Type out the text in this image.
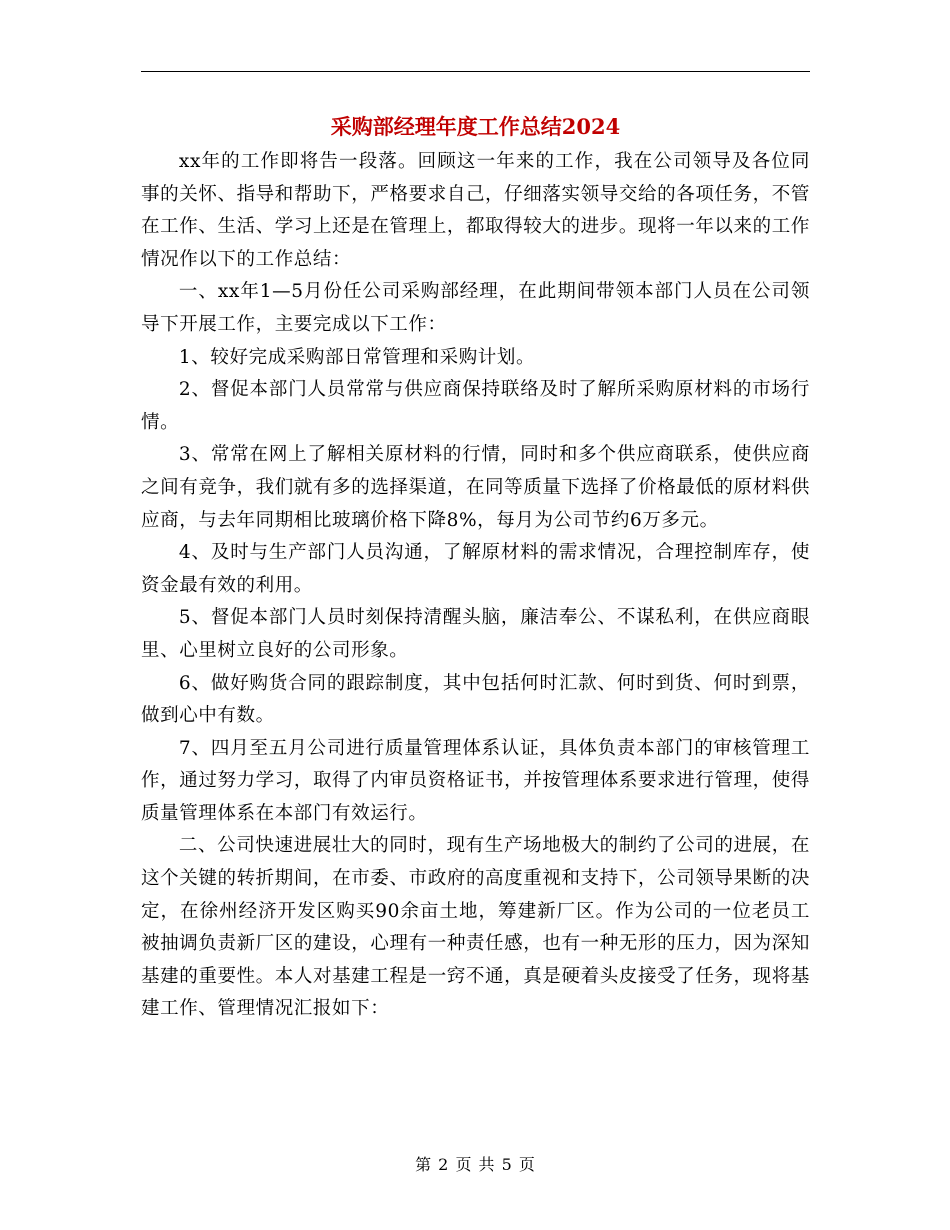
采购部经理年度工作总结2024

xx年的工作即将告一段落。回顾这一年来的工作，我在公司领导及各位同事的关怀、指导和帮助下，严格要求自己，仔细落实领导交给的各项任务，不管在工作、生活、学习上还是在管理上，都取得较大的进步。现将一年以来的工作情况作以下的工作总结：

一、xx年1—5月份任公司采购部经理，在此期间带领本部门人员在公司领导下开展工作，主要完成以下工作：

1、较好完成采购部日常管理和采购计划。

2、督促本部门人员常常与供应商保持联络及时了解所采购原材料的市场行情。

3、常常在网上了解相关原材料的行情，同时和多个供应商联系，使供应商之间有竞争，我们就有多的选择渠道，在同等质量下选择了价格最低的原材料供应商，与去年同期相比玻璃价格下降8%，每月为公司节约6万多元。

4、及时与生产部门人员沟通，了解原材料的需求情况，合理控制库存，使资金最有效的利用。

5、督促本部门人员时刻保持清醒头脑，廉洁奉公、不谋私利，在供应商眼里、心里树立良好的公司形象。

6、做好购货合同的跟踪制度，其中包括何时汇款、何时到货、何时到票，做到心中有数。

7、四月至五月公司进行质量管理体系认证，具体负责本部门的审核管理工作，通过努力学习，取得了内审员资格证书，并按管理体系要求进行管理，使得质量管理体系在本部门有效运行。

二、公司快速进展壮大的同时，现有生产场地极大的制约了公司的进展，在这个关键的转折期间，在市委、市政府的高度重视和支持下，公司领导果断的决定，在徐州经济开发区购买90余亩土地，筹建新厂区。作为公司的一位老员工被抽调负责新厂区的建设，心理有一种责任感，也有一种无形的压力，因为深知基建的重要性。本人对基建工程是一窍不通，真是硬着头皮接受了任务，现将基建工作、管理情况汇报如下：

第 2 页 共 5 页
